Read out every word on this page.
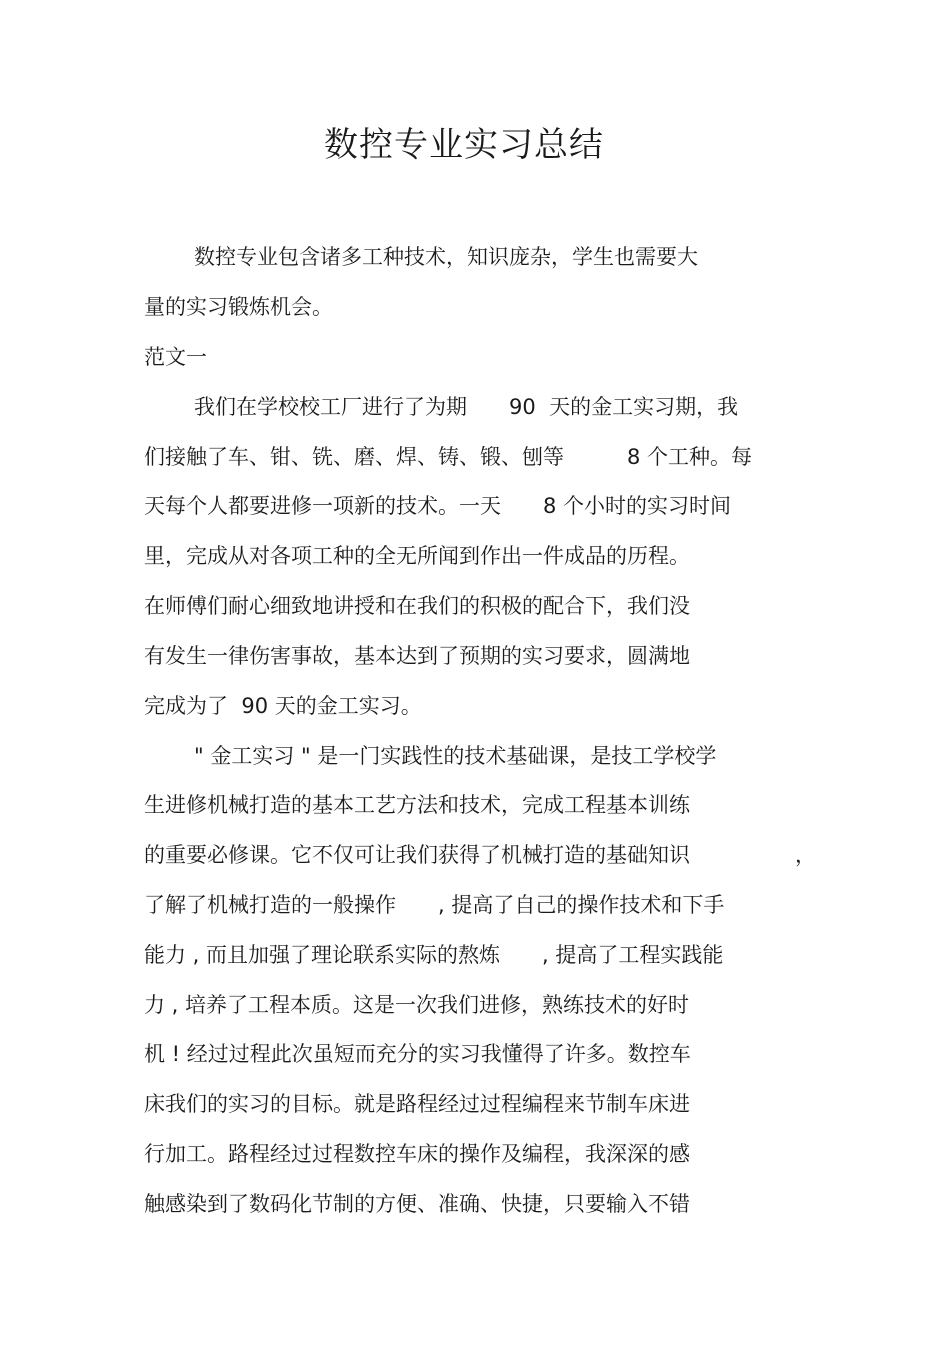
数控专业实习总结
数控专业包含诸多工种技术，知识庞杂，学生也需要大
量的实习锻炼机会。
范文一
我们在学校校工厂进行了为期　　90  天的金工实习期，我
们接触了车、钳、铣、磨、焊、铸、锻、刨等　　　8 个工种。每
天每个人都要进修一项新的技术。一天　　8 个小时的实习时间
里，完成从对各项工种的全无所闻到作出一件成品的历程。
在师傅们耐心细致地讲授和在我们的积极的配合下，我们没
有发生一律伤害事故，基本达到了预期的实习要求，圆满地
完成为了  90 天的金工实习。
" 金工实习 " 是一门实践性的技术基础课，是技工学校学
生进修机械打造的基本工艺方法和技术，完成工程基本训练
的重要必修课。它不仅可让我们获得了机械打造的基础知识　　　　　，
了解了机械打造的一般操作　　, 提高了自己的操作技术和下手
能力 , 而且加强了理论联系实际的熬炼　　, 提高了工程实践能
力 , 培养了工程本质。这是一次我们进修，熟练技术的好时
机 ! 经过过程此次虽短而充分的实习我懂得了许多。数控车
床我们的实习的目标。就是路程经过过程编程来节制车床进
行加工。路程经过过程数控车床的操作及编程，我深深的感
触感染到了数码化节制的方便、准确、快捷，只要输入不错
